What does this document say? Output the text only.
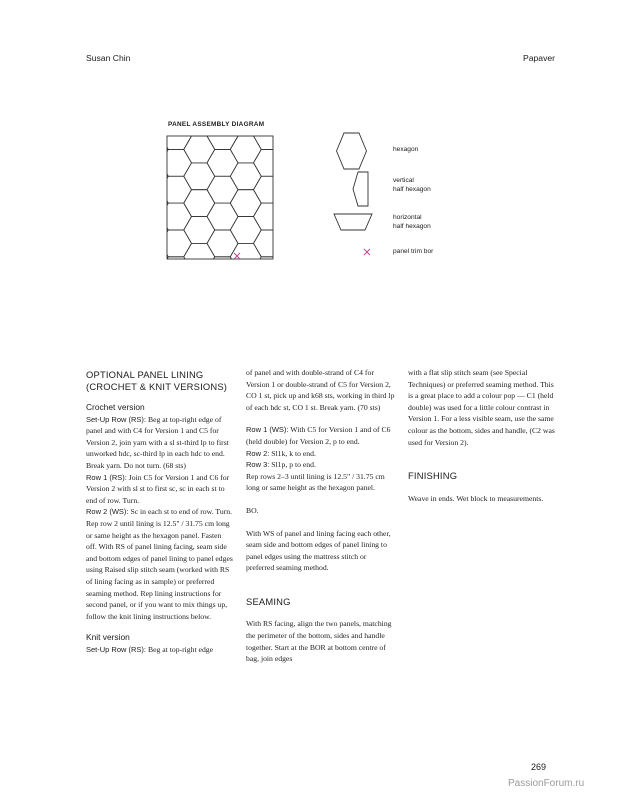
Susan Chin	Papaver
PANEL ASSEMBLY DIAGRAM
hexagon
vertical
half hexagon
horizontal
half hexagon
panel trim bor

OPTIONAL PANEL LINING
(CROCHET & KNIT VERSIONS)

Crochet version

Set-Up Row (RS): Beg at top-right edge of panel and with C4 for Version 1 and C5 for Version 2, join yarn with a sl st-third lp to first unworked hdc, sc-third lp in each hdc to end. Break yarn. Do not turn. (68 sts)

Row 1 (RS): Join C5 for Version 1 and C6 for Version 2 with sl st to first sc, sc in each st to end of row. Turn.

Row 2 (WS): Sc in each st to end of row. Turn.

Rep row 2 until lining is 12.5" / 31.75 cm long or same height as the hexagon panel. Fasten off. With RS of panel lining facing, seam side and bottom edges of panel lining to panel edges using Raised slip stitch seam (worked with RS of lining facing as in sample) or preferred seaming method. Rep lining instructions for second panel, or if you want to mix things up, follow the knit lining instructions below.

Knit version

Set-Up Row (RS): Beg at top-right edge

of panel and with double-strand of C4 for Version 1 or double-strand of C5 for Version 2, CO 1 st, pick up and k68 sts, working in third lp of each hdc st, CO 1 st. Break yarn. (70 sts)

Row 1 (WS): With C5 for Version 1 and of C6 (held double) for Version 2, p to end.

Row 2: Sl1k, k to end.

Row 3: Sl1p, p to end.

Rep rows 2–3 until lining is 12.5" / 31.75 cm long or same height as the hexagon panel.

BO.

With WS of panel and lining facing each other, seam side and bottom edges of panel lining to panel edges using the mattress stitch or preferred seaming method.

SEAMING

With RS facing, align the two panels, matching the perimeter of the bottom, sides and handle together. Start at the BOR at bottom centre of bag, join edges

with a flat slip stitch seam (see Special Techniques) or preferred seaming method. This is a great place to add a colour pop — C1 (held double) was used for a little colour contrast in Version 1. For a less visible seam, use the same colour as the bottom, sides and handle, (C2 was used for Version 2).

FINISHING

Weave in ends. Wet block to measurements.

269
PassionForum.ru
